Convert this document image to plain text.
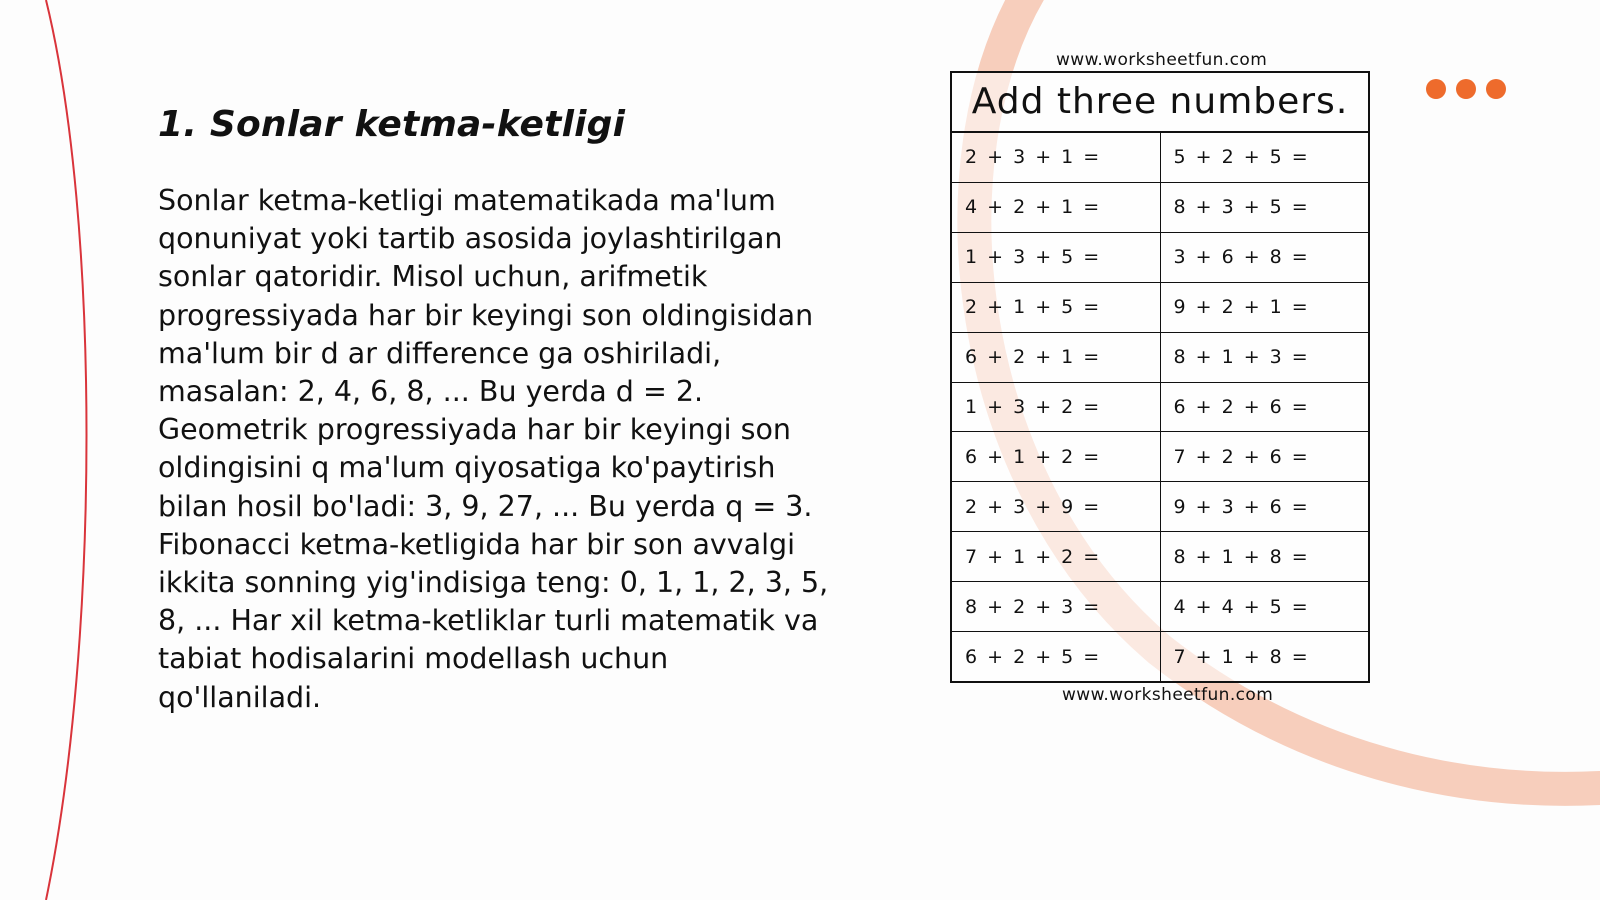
1. Sonlar ketma-ketligi

Sonlar ketma-ketligi matematikada ma'lum qonuniyat yoki tartib asosida joylashtirilgan sonlar qatoridir. Misol uchun, arifmetik progressiyada har bir keyingi son oldingisidan ma'lum bir d ar difference ga oshiriladi, masalan: 2, 4, 6, 8, ... Bu yerda d = 2. Geometrik progressiyada har bir keyingi son oldingisini q ma'lum qiyosatiga ko'paytirish bilan hosil bo'ladi: 3, 9, 27, ... Bu yerda q = 3. Fibonacci ketma-ketligida har bir son avvalgi ikkita sonning yig'indisiga teng: 0, 1, 1, 2, 3, 5, 8, ... Har xil ketma-ketliklar turli matematik va tabiat hodisalarini modellash uchun qo'llaniladi.

www.worksheetfun.com
Add three numbers.
2 + 3 + 1 =	5 + 2 + 5 =
4 + 2 + 1 =	8 + 3 + 5 =
1 + 3 + 5 =	3 + 6 + 8 =
2 + 1 + 5 =	9 + 2 + 1 =
6 + 2 + 1 =	8 + 1 + 3 =
1 + 3 + 2 =	6 + 2 + 6 =
6 + 1 + 2 =	7 + 2 + 6 =
2 + 3 + 9 =	9 + 3 + 6 =
7 + 1 + 2 =	8 + 1 + 8 =
8 + 2 + 3 =	4 + 4 + 5 =
6 + 2 + 5 =	7 + 1 + 8 =
www.worksheetfun.com
